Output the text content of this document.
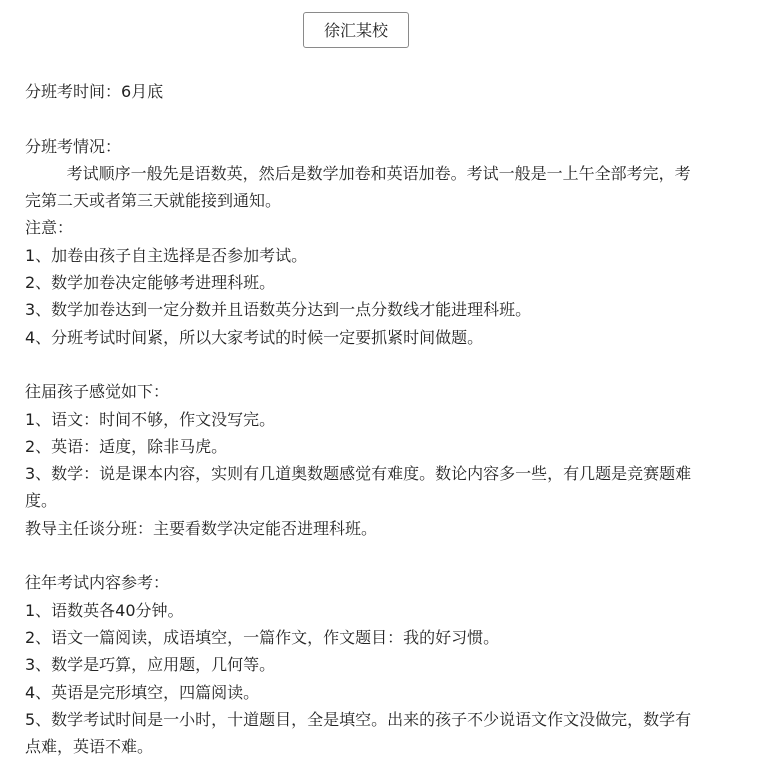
徐汇某校
分班考时间：6月底
分班考情况：
考试顺序一般先是语数英，然后是数学加卷和英语加卷。考试一般是一上午全部考完，考完第二天或者第三天就能接到通知。
注意：
1、加卷由孩子自主选择是否参加考试。
2、数学加卷决定能够考进理科班。
3、数学加卷达到一定分数并且语数英分达到一点分数线才能进理科班。
4、分班考试时间紧，所以大家考试的时候一定要抓紧时间做题。
往届孩子感觉如下：
1、语文：时间不够，作文没写完。
2、英语：适度，除非马虎。
3、数学：说是课本内容，实则有几道奥数题感觉有难度。数论内容多一些，有几题是竞赛题难度。
教导主任谈分班：主要看数学决定能否进理科班。
往年考试内容参考：
1、语数英各40分钟。
2、语文一篇阅读，成语填空，一篇作文，作文题目：我的好习惯。
3、数学是巧算，应用题，几何等。
4、英语是完形填空，四篇阅读。
5、数学考试时间是一小时，十道题目，全是填空。出来的孩子不少说语文作文没做完，数学有点难，英语不难。
